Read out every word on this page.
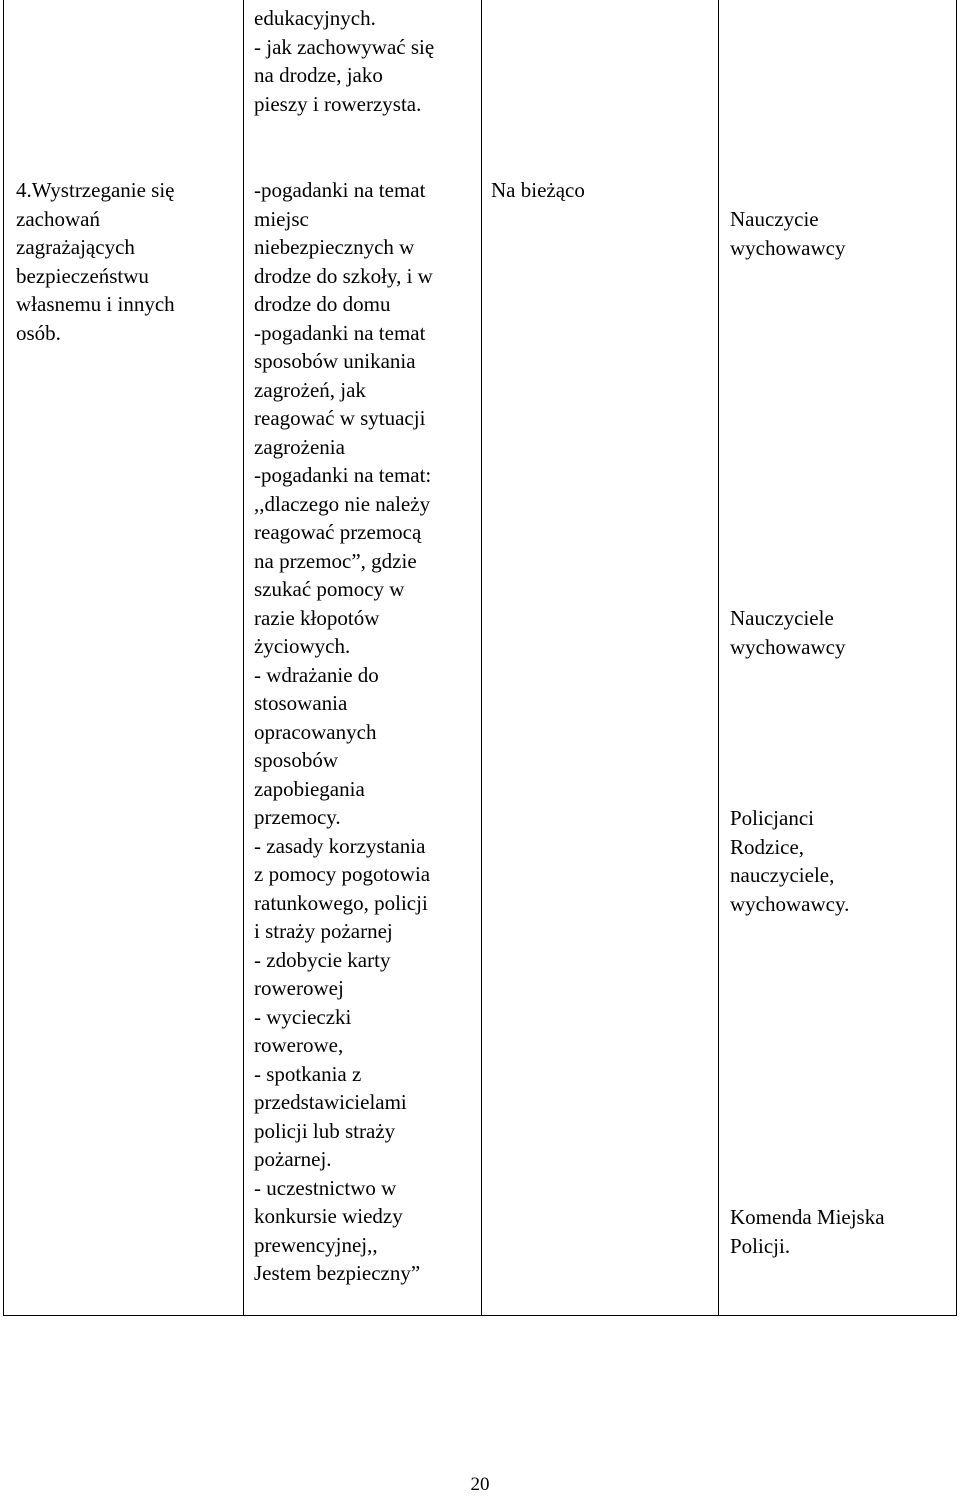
edukacyjnych.
- jak zachowywać się
na drodze, jako
pieszy i rowerzysta.
4.Wystrzeganie się
zachowań
zagrażających
bezpieczeństwu
własnemu i innych
osób.
-pogadanki na temat
miejsc
niebezpiecznych w
drodze do szkoły, i w
drodze do domu
-pogadanki na temat
sposobów unikania
zagrożeń, jak
reagować w sytuacji
zagrożenia
-pogadanki na temat:
,,dlaczego nie należy
reagować przemocą
na przemoc”, gdzie
szukać pomocy w
razie kłopotów
życiowych.
- wdrażanie do
stosowania
opracowanych
sposobów
zapobiegania
przemocy.
- zasady korzystania
z pomocy pogotowia
ratunkowego, policji
i straży pożarnej
- zdobycie karty
rowerowej
- wycieczki
rowerowe,
- spotkania z
przedstawicielami
policji lub straży
pożarnej.
- uczestnictwo w
konkursie wiedzy
prewencyjnej,,
Jestem bezpieczny”
Na bieżąco
Nauczycie
wychowawcy
Nauczyciele
wychowawcy
Policjanci
Rodzice,
nauczyciele,
wychowawcy.
Komenda Miejska
Policji.
20
